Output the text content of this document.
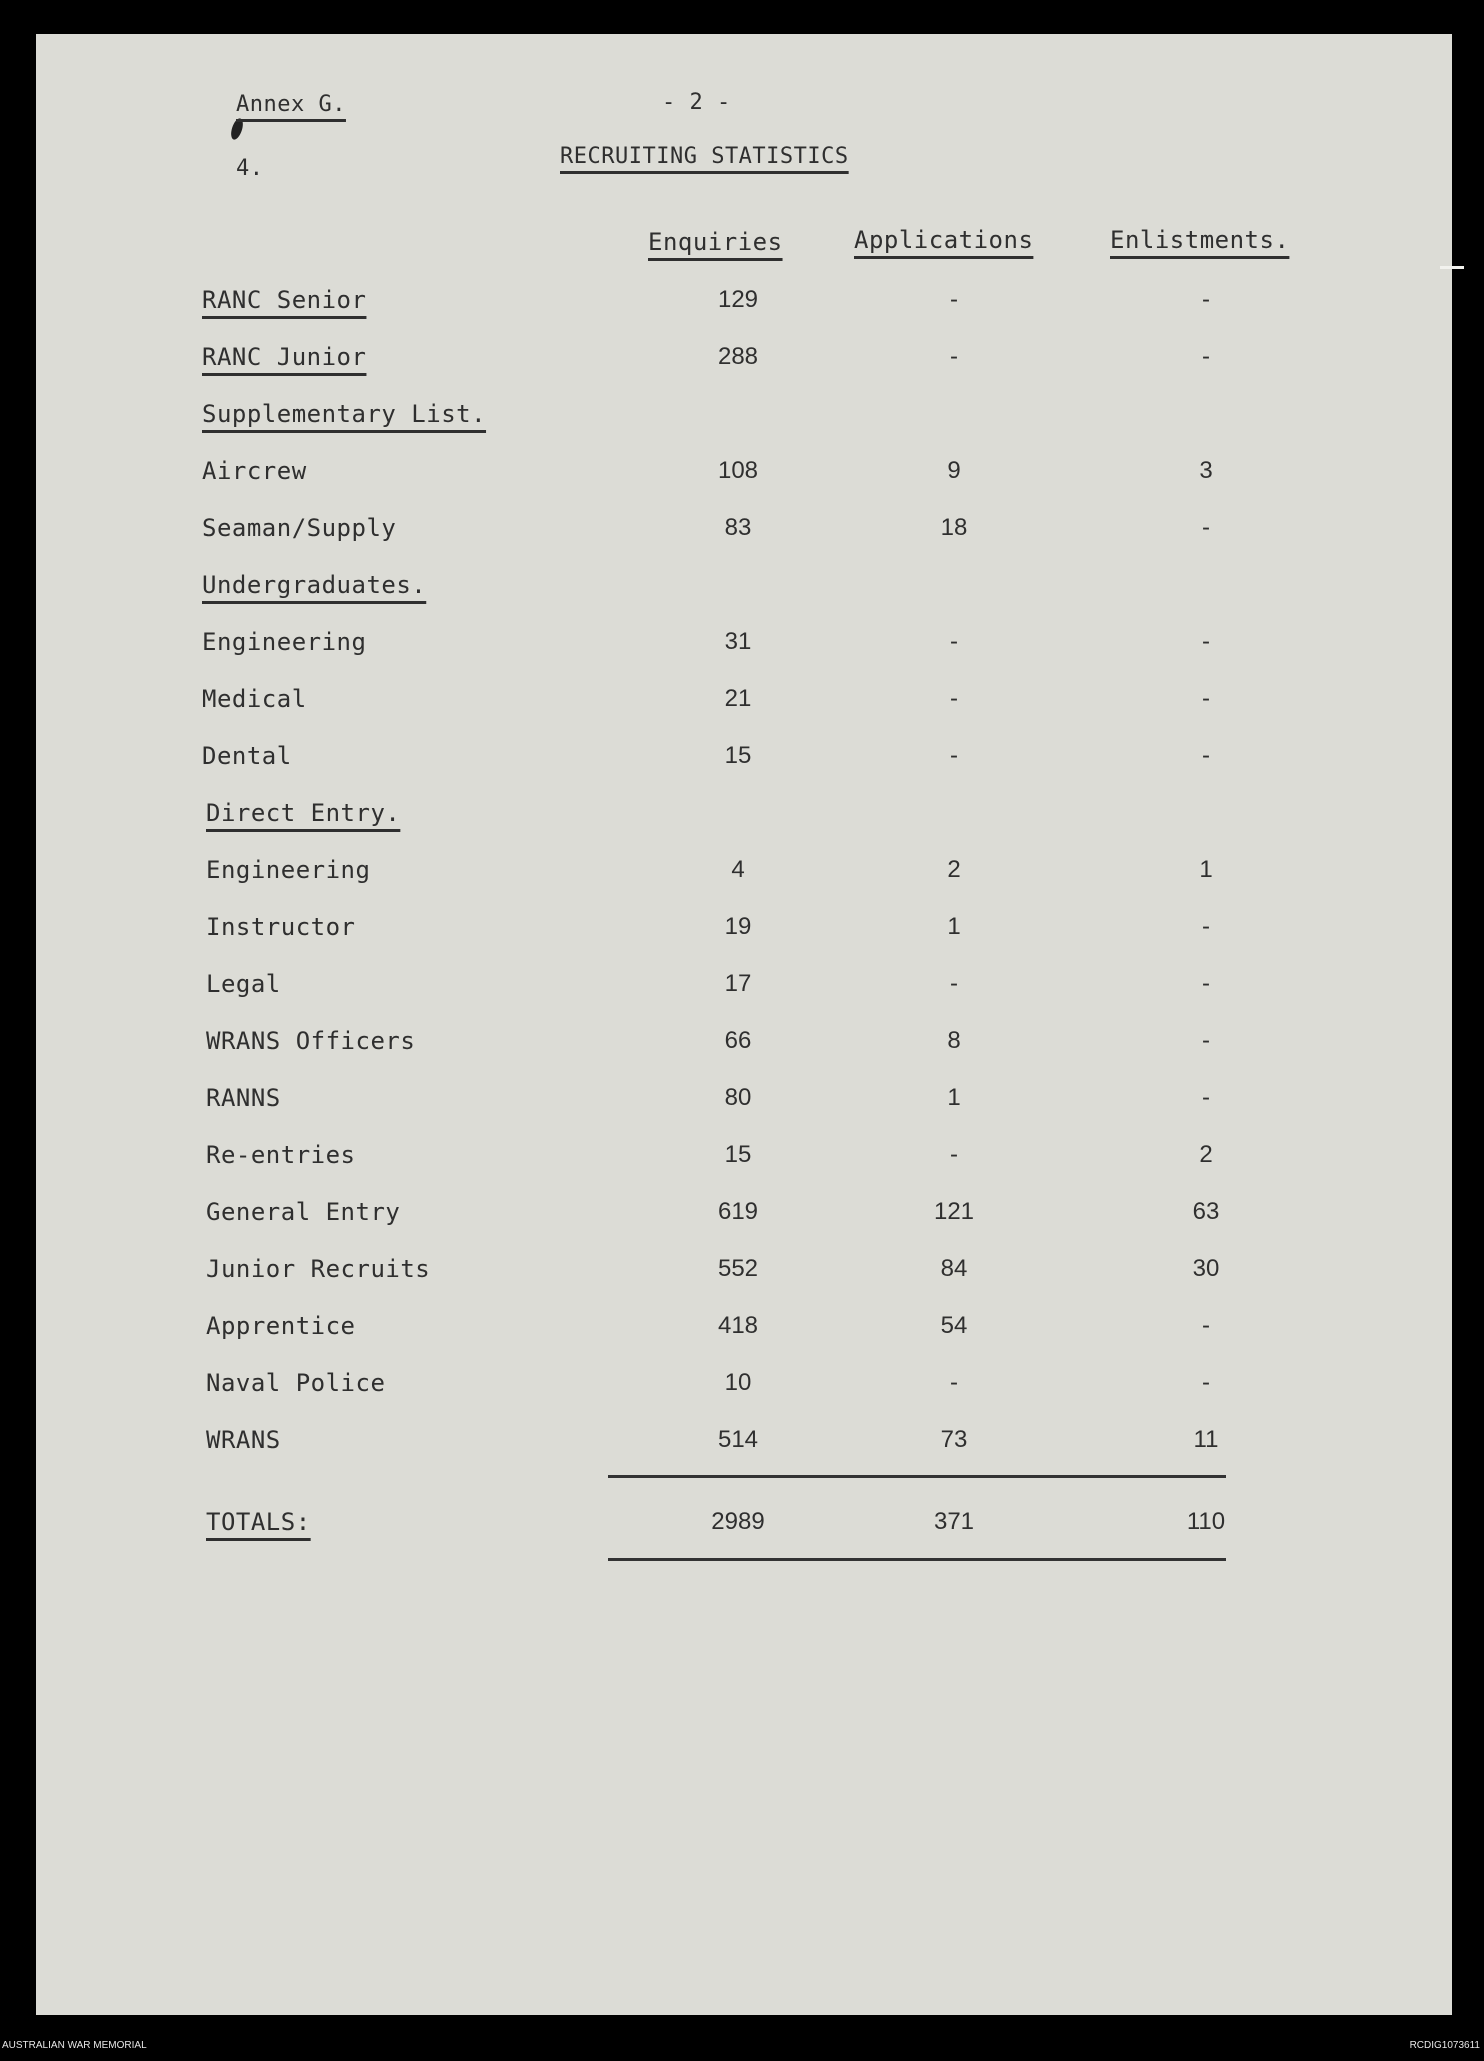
Annex G.	- 2 -
4.	RECRUITING STATISTICS
Enquiries	Applications	Enlistments.
RANC Senior	129	-	-
RANC Junior	288	-	-
Supplementary List.
Aircrew	108	9	3
Seaman/Supply	83	18	-
Undergraduates.
Engineering	31	-	-
Medical	21	-	-
Dental	15	-	-
Direct Entry.
Engineering	4	2	1
Instructor	19	1	-
Legal	17	-	-
WRANS Officers	66	8	-
RANNS	80	1	-
Re-entries	15	-	2
General Entry	619	121	63
Junior Recruits	552	84	30
Apprentice	418	54	-
Naval Police	10	-	-
WRANS	514	73	11
TOTALS:	2989	371	110
AUSTRALIAN WAR MEMORIAL	RCDIG1073611
